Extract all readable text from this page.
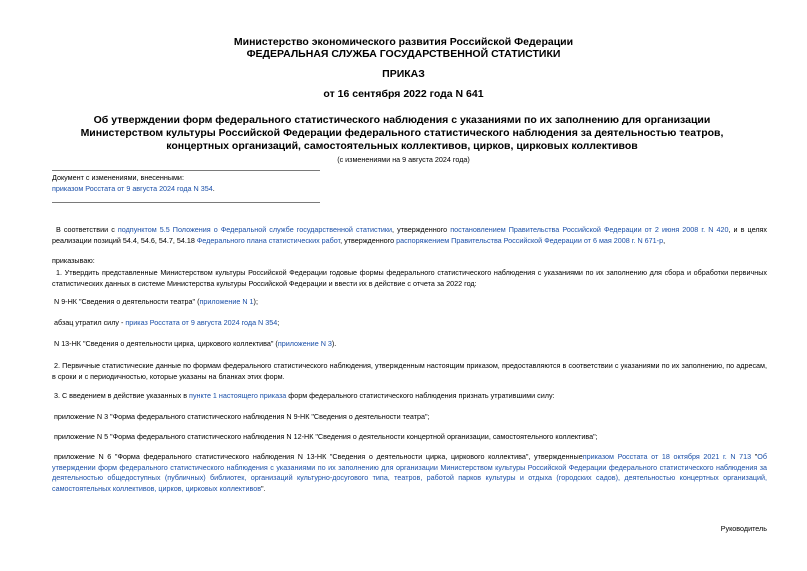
Министерство экономического развития Российской Федерации
ФЕДЕРАЛЬНАЯ СЛУЖБА ГОСУДАРСТВЕННОЙ СТАТИСТИКИ
ПРИКАЗ
от 16 сентября 2022 года N 641
Об утверждении форм федерального статистического наблюдения с указаниями по их заполнению для организации Министерством культуры Российской Федерации федерального статистического наблюдения за деятельностью театров, концертных организаций, самостоятельных коллективов, цирков, цирковых коллективов
(с изменениями на 9 августа 2024 года)
Документ с изменениями, внесенными:
приказом Росстата от 9 августа 2024 года N 354.
В соответствии с подпунктом 5.5 Положения о Федеральной службе государственной статистики, утвержденного постановлением Правительства Российской Федерации от 2 июня 2008 г. N 420, и в целях реализации позиций 54.4, 54.6, 54.7, 54.18 Федерального плана статистических работ, утвержденного распоряжением Правительства Российской Федерации от 6 мая 2008 г. N 671-р,
приказываю:
1. Утвердить представленные Министерством культуры Российской Федерации годовые формы федерального статистического наблюдения с указаниями по их заполнению для сбора и обработки первичных статистических данных в системе Министерства культуры Российской Федерации и ввести их в действие с отчета за 2022 год:
N 9-НК "Сведения о деятельности театра" (приложение N 1);
абзац утратил силу - приказ Росстата от 9 августа 2024 года N 354;
N 13-НК "Сведения о деятельности цирка, циркового коллектива" (приложение N 3).
2. Первичные статистические данные по формам федерального статистического наблюдения, утвержденным настоящим приказом, предоставляются в соответствии с указаниями по их заполнению, по адресам, в сроки и с периодичностью, которые указаны на бланках этих форм.
3. С введением в действие указанных в пункте 1 настоящего приказа форм федерального статистического наблюдения признать утратившими силу:
приложение N 3 "Форма федерального статистического наблюдения N 9-НК "Сведения о деятельности театра";
приложение N 5 "Форма федерального статистического наблюдения N 12-НК "Сведения о деятельности концертной организации, самостоятельного коллектива";
приложение N 6 "Форма федерального статистического наблюдения N 13-НК "Сведения о деятельности цирка, циркового коллектива", утвержденныеприказом Росстата от 18 октября 2021 г. N 713 "Об утверждении форм федерального статистического наблюдения с указаниями по их заполнению для организации Министерством культуры Российской Федерации федерального статистического наблюдения за деятельностью общедоступных (публичных) библиотек, организаций культурно-досугового типа, театров, работой парков культуры и отдыха (городских садов), деятельностью концертных организаций, самостоятельных коллективов, цирков, цирковых коллективов".
Руководитель
